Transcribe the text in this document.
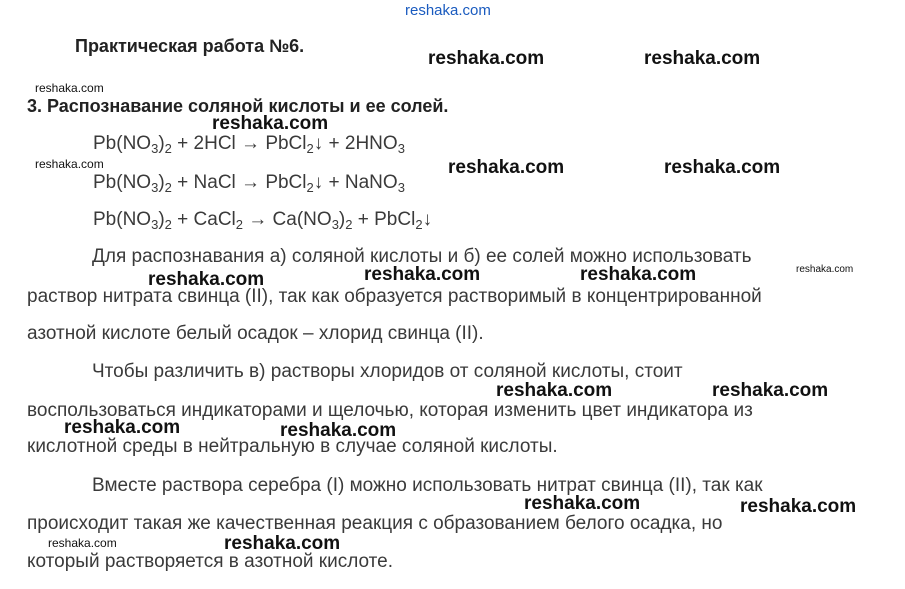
reshaka.com
Практическая работа №6.
3. Распознавание соляной кислоты и ее солей.
$Pb(NO_3)_2 + 2HCl$ → PbCl$_2$↓ + $2HNO_3$
$Pb(NO_3)_2$ + NaCl → PbCl$_2$↓ + NaNO$_3$
$Pb(NO_3)_2$ + CaCl$_2$ → $Ca(NO_3)_2$ + PbCl$_2$↓
Для распознавания а) соляной кислоты и б) ее солей можно использовать
раствор нитрата свинца (II), так как образуется растворимый в концентрированной
азотной кислоте белый осадок – хлорид свинца (II).
Чтобы различить в) растворы хлоридов от соляной кислоты, стоит
воспользоваться индикаторами и щелочью, которая изменить цвет индикатора из
кислотной среды в нейтральную в случае соляной кислоты.
Вместе раствора серебра (I) можно использовать нитрат свинца (II), так как
происходит такая же качественная реакция с образованием белого осадка, но
который растворяется в азотной кислоте.
reshaka.com	reshaka.com
reshaka.com
reshaka.com
reshaka.com	reshaka.com	reshaka.com
reshaka.com	reshaka.com	reshaka.com	reshaka.com
reshaka.com	reshaka.com
reshaka.com	reshaka.com
reshaka.com	reshaka.com
reshaka.com	reshaka.com
